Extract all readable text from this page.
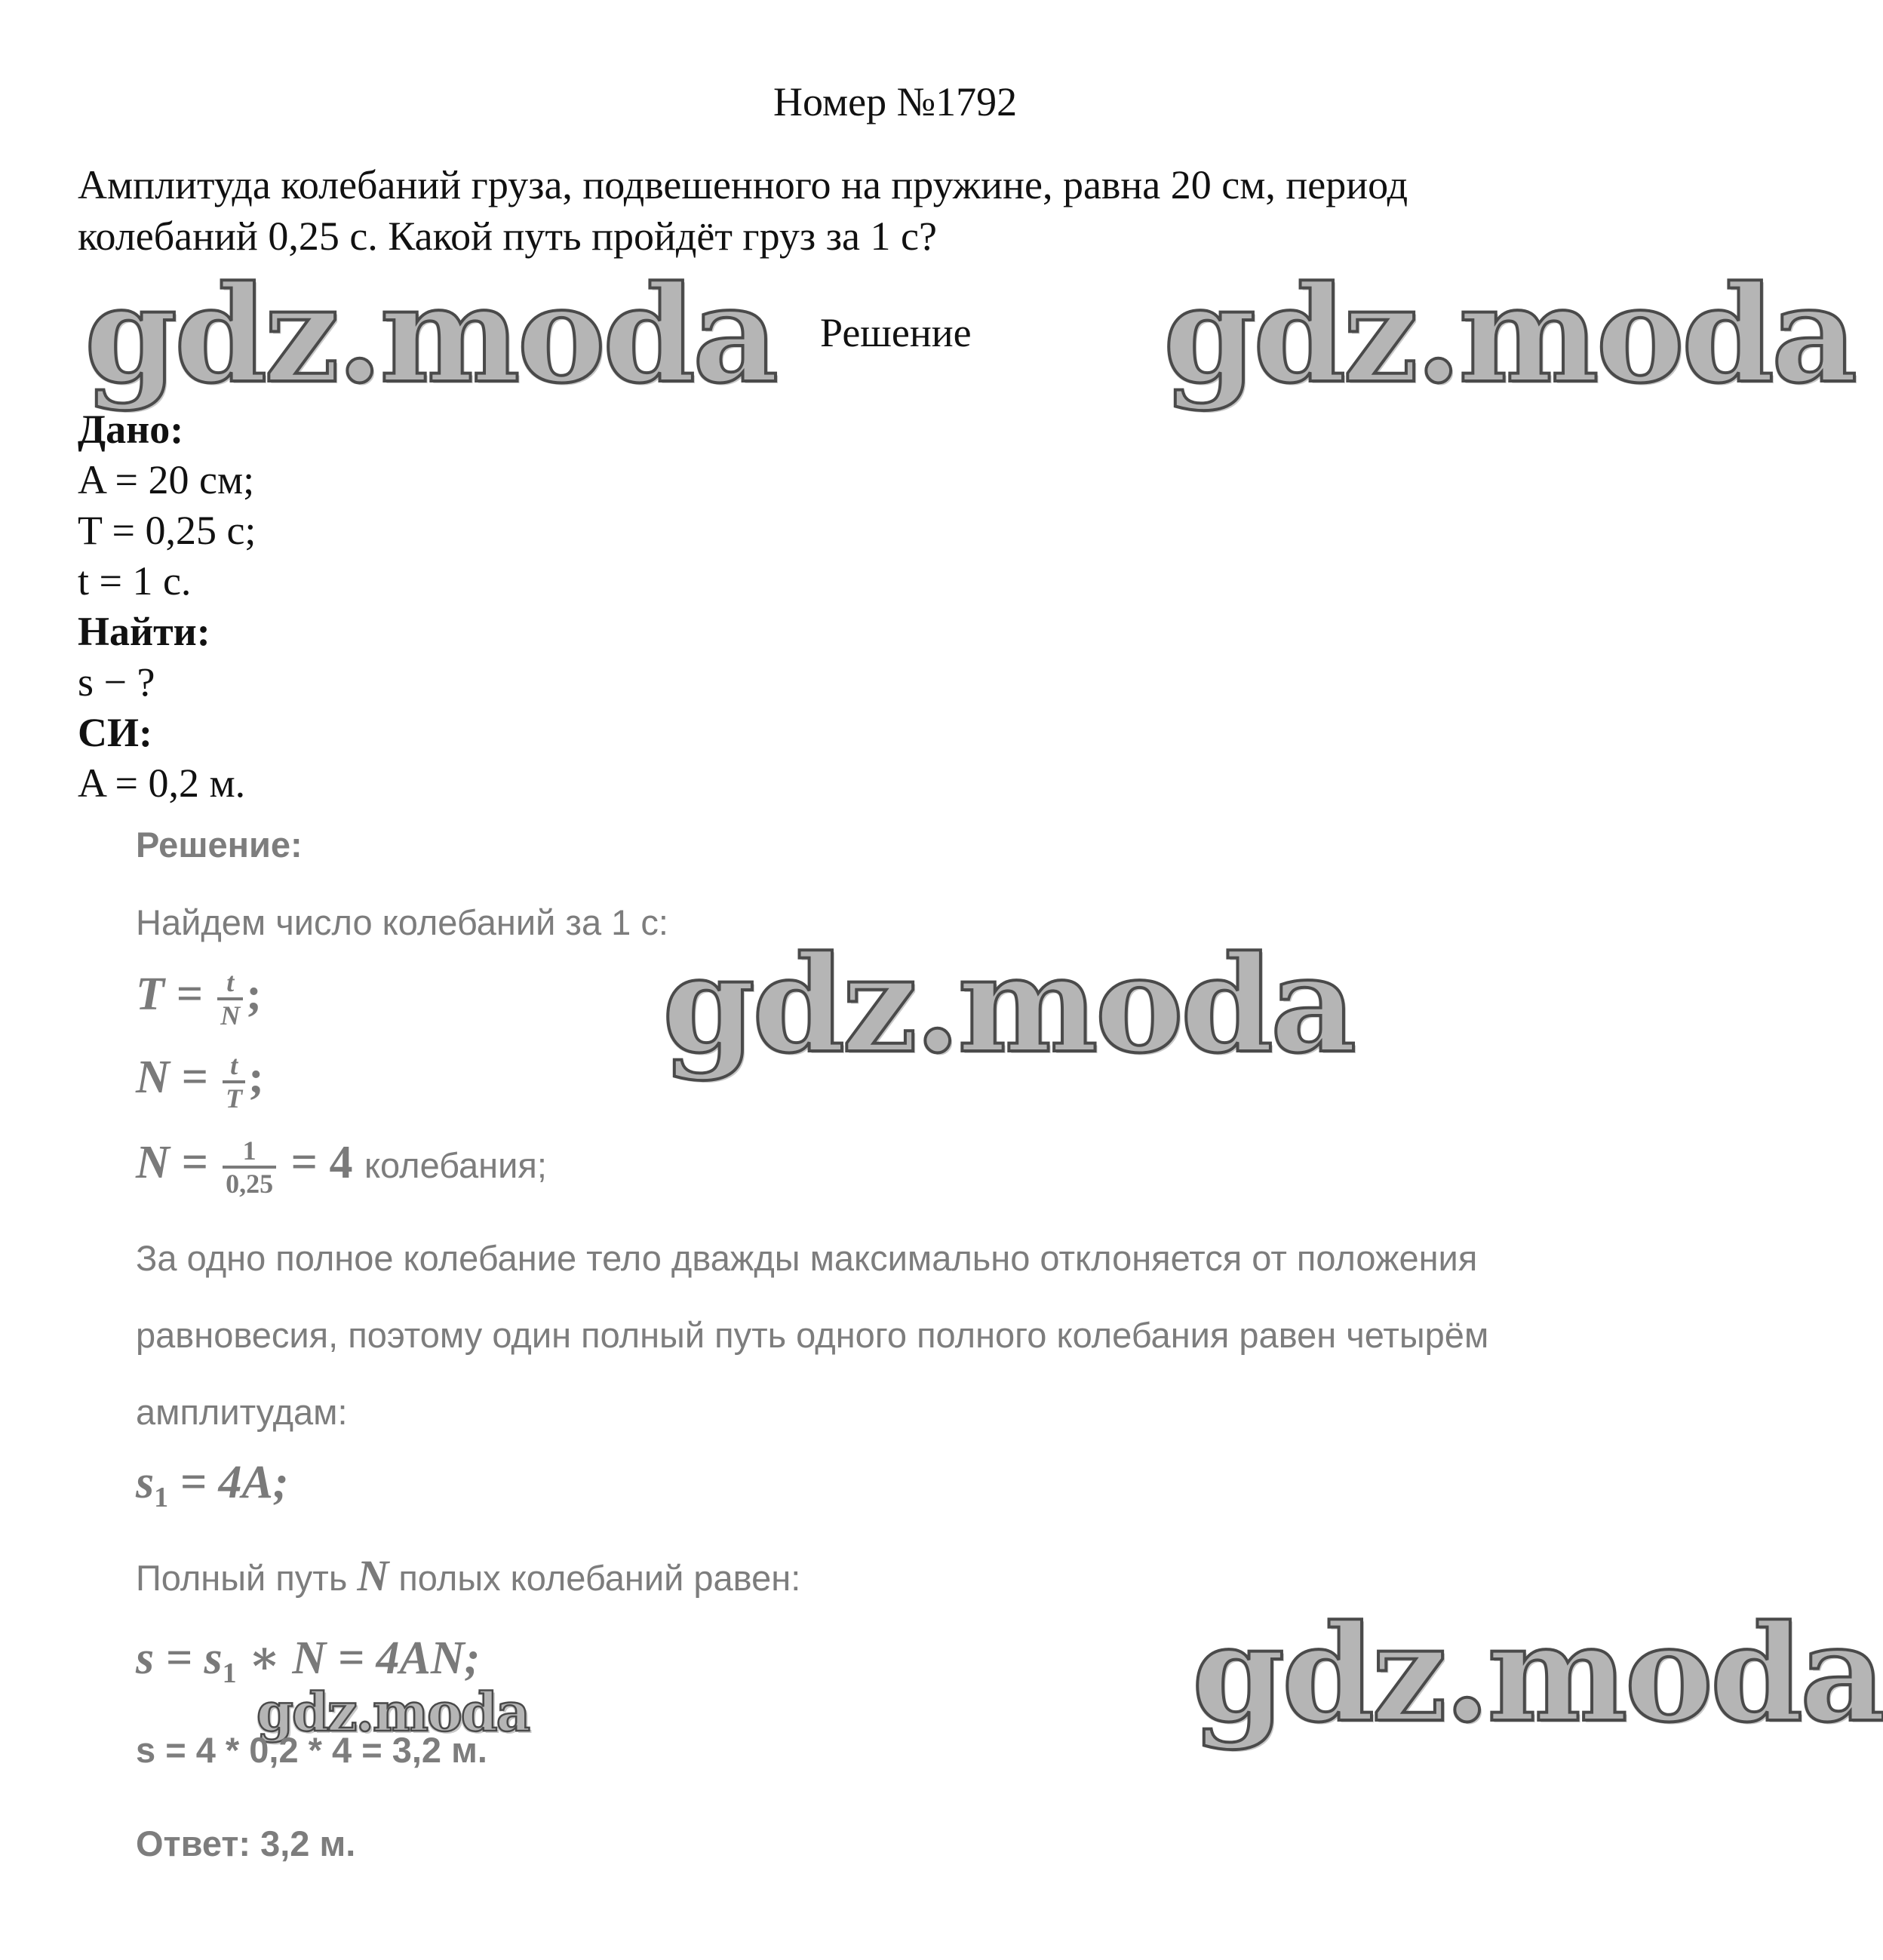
Номер №1792
Амплитуда колебаний груза, подвешенного на пружине, равна 20 см, период
колебаний 0,25 с. Какой путь пройдёт груз за 1 с?
gdz.moda Решение gdz.moda
Дано:
A = 20 см;
T = 0,25 с;
t = 1 с.
Найти:
s − ?
СИ:
A = 0,2 м.
Решение:
Найдем число колебаний за 1 с:
gdz.moda
$T = \frac{t}{N}$ ;
$N = \frac{t}{T}$ ;
$N = \frac{1}{0,25} = 4$ колебания;
За одно полное колебание тело дважды максимально отклоняется от положения
равновесия, поэтому один полный путь одного полного колебания равен четырём
амплитудам:
$s_1 = 4A$;
Полный путь N полых колебаний равен:
$s = s_1$ ∗ N = 4AN;	gdz.moda
gdz.moda
s = 4 * 0,2 * 4 = 3,2 м.
Ответ: 3,2 м.
